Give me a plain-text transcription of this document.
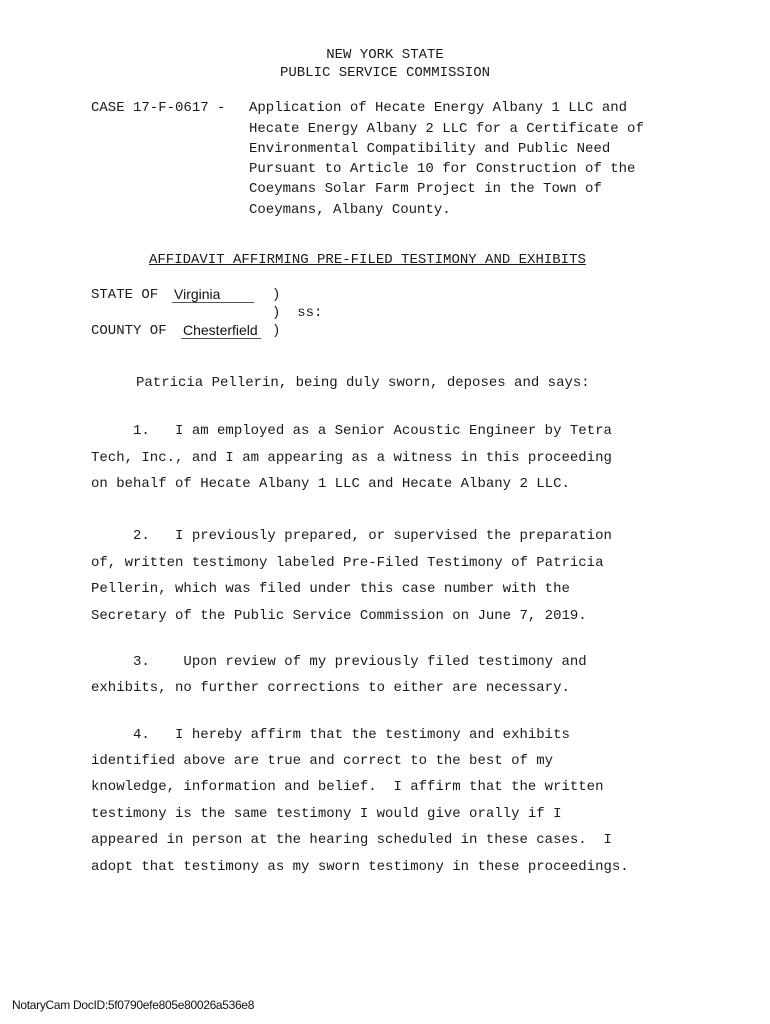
NEW YORK STATE
PUBLIC SERVICE COMMISSION
CASE 17-F-0617 - Application of Hecate Energy Albany 1 LLC and
Hecate Energy Albany 2 LLC for a Certificate of
Environmental Compatibility and Public Need
Pursuant to Article 10 for Construction of the
Coeymans Solar Farm Project in the Town of
Coeymans, Albany County.
AFFIDAVIT AFFIRMING PRE-FILED TESTIMONY AND EXHIBITS
STATE OF Virginia	)
)  ss:
COUNTY OF Chesterfield )
Patricia Pellerin, being duly sworn, deposes and says:
1.   I am employed as a Senior Acoustic Engineer by Tetra
Tech, Inc., and I am appearing as a witness in this proceeding
on behalf of Hecate Albany 1 LLC and Hecate Albany 2 LLC.
2.   I previously prepared, or supervised the preparation
of, written testimony labeled Pre-Filed Testimony of Patricia
Pellerin, which was filed under this case number with the
Secretary of the Public Service Commission on June 7, 2019.
3.    Upon review of my previously filed testimony and
exhibits, no further corrections to either are necessary.
4.   I hereby affirm that the testimony and exhibits
identified above are true and correct to the best of my
knowledge, information and belief.  I affirm that the written
testimony is the same testimony I would give orally if I
appeared in person at the hearing scheduled in these cases.  I
adopt that testimony as my sworn testimony in these proceedings.
NotaryCam DocID:5f0790efe805e80026a536e8
